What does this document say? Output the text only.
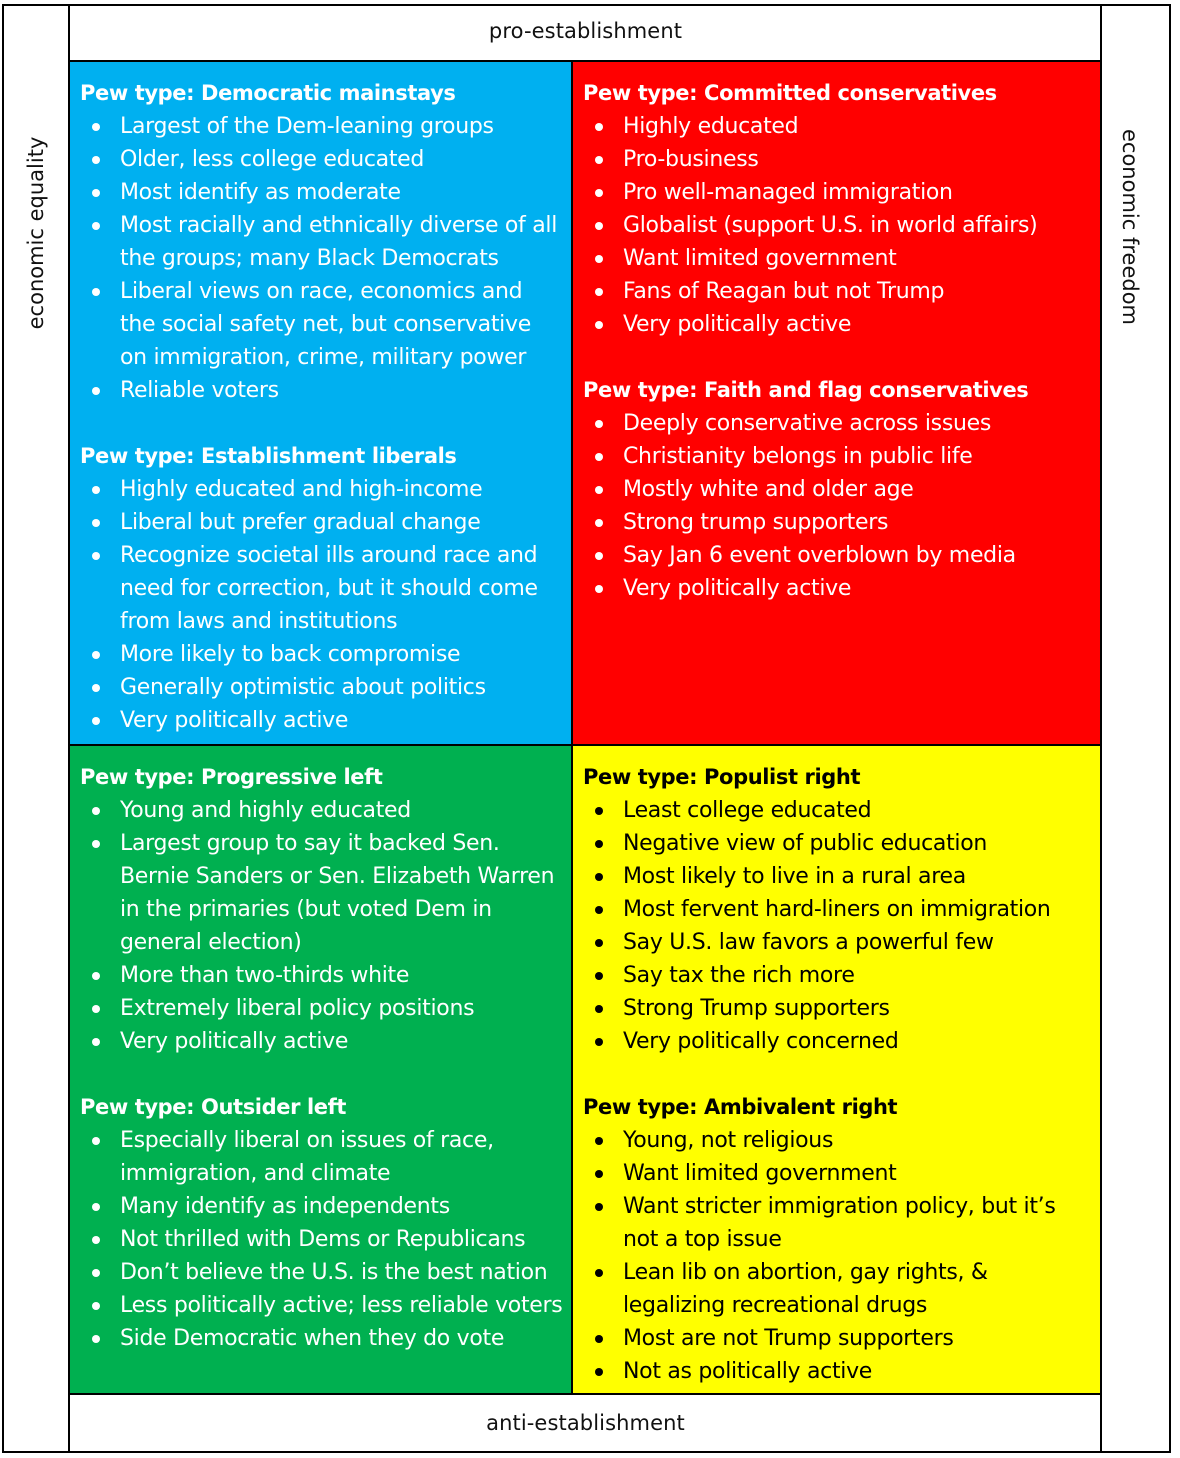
pro-establishment
anti-establishment
economic equality	economic freedom
Pew type: Democratic mainstays
Largest of the Dem-leaning groups
Older, less college educated
Most identify as moderate
Most racially and ethnically diverse of all the groups; many Black Democrats
Liberal views on race, economics and the social safety net, but conservative on immigration, crime, military power
Reliable voters
Pew type: Establishment liberals
Highly educated and high-income
Liberal but prefer gradual change
Recognize societal ills around race and need for correction, but it should come from laws and institutions
More likely to back compromise
Generally optimistic about politics
Very politically active
Pew type: Committed conservatives
Highly educated
Pro-business
Pro well-managed immigration
Globalist (support U.S. in world affairs)
Want limited government
Fans of Reagan but not Trump
Very politically active
Pew type: Faith and flag conservatives
Deeply conservative across issues
Christianity belongs in public life
Mostly white and older age
Strong trump supporters
Say Jan 6 event overblown by media
Very politically active
Pew type: Progressive left
Young and highly educated
Largest group to say it backed Sen. Bernie Sanders or Sen. Elizabeth Warren in the primaries (but voted Dem in general election)
More than two-thirds white
Extremely liberal policy positions
Very politically active
Pew type: Outsider left
Especially liberal on issues of race, immigration, and climate
Many identify as independents
Not thrilled with Dems or Republicans
Don’t believe the U.S. is the best nation
Less politically active; less reliable voters
Side Democratic when they do vote
Pew type: Populist right
Least college educated
Negative view of public education
Most likely to live in a rural area
Most fervent hard-liners on immigration
Say U.S. law favors a powerful few
Say tax the rich more
Strong Trump supporters
Very politically concerned
Pew type: Ambivalent right
Young, not religious
Want limited government
Want stricter immigration policy, but it’s not a top issue
Lean lib on abortion, gay rights, & legalizing recreational drugs
Most are not Trump supporters
Not as politically active
